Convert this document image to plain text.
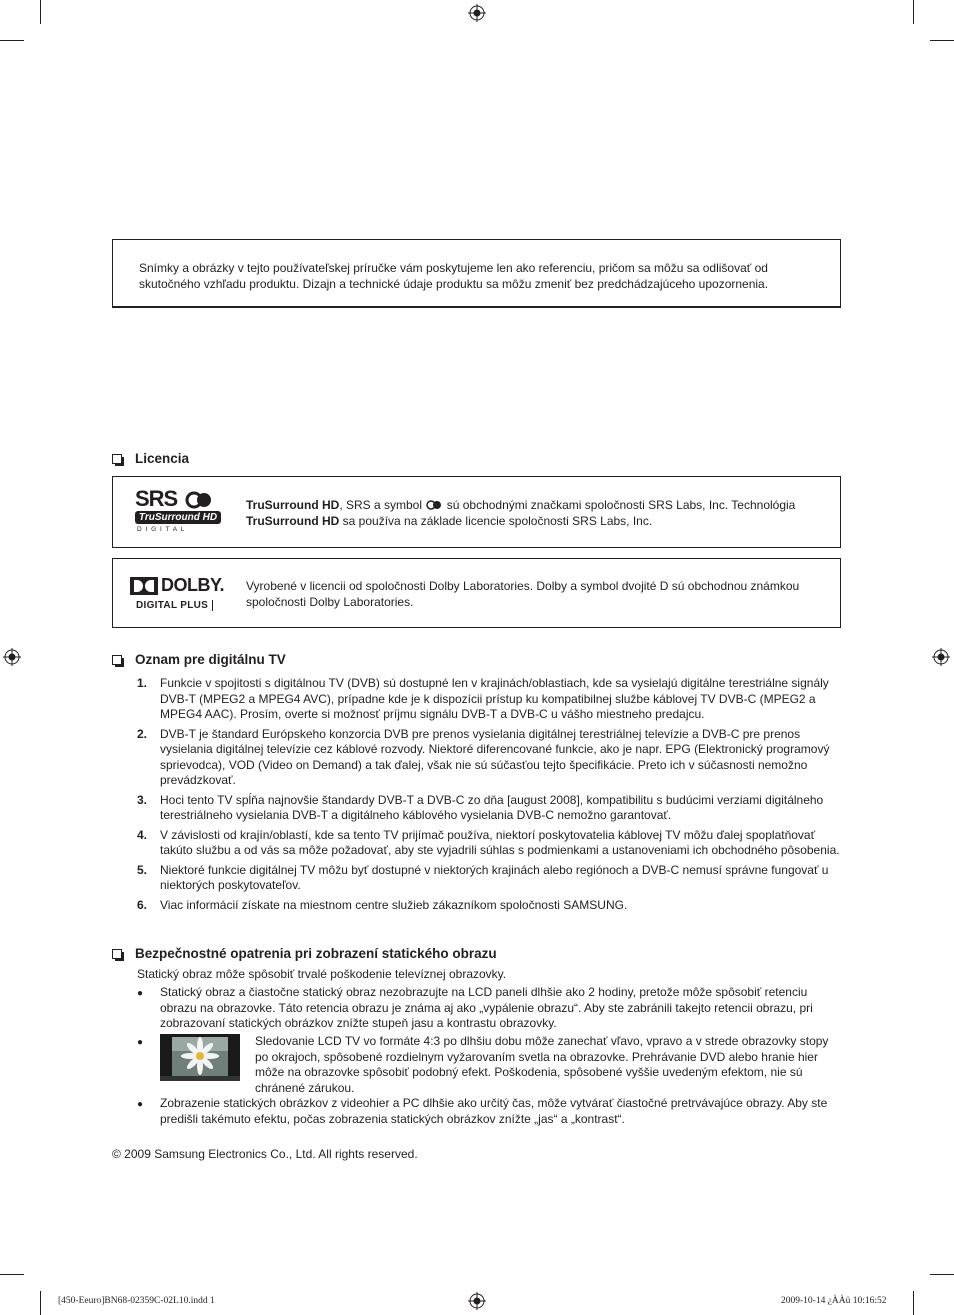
Snímky a obrázky v tejto používateľskej príručke vám poskytujeme len ako referenciu, pričom sa môžu sa odlišovať od
skutočného vzhľadu produktu. Dizajn a technické údaje produktu sa môžu zmeniť bez predchádzajúceho upozornenia.
Licencia
SRS
TruSurround HD
D I G I T A L
TruSurround HD, SRS a symbol sú obchodnými značkami spoločnosti SRS Labs, Inc. Technológia
TruSurround HD sa používa na základe licencie spoločnosti SRS Labs, Inc.
DOLBY.
DIGITAL PLUS
Vyrobené v licencii od spoločnosti Dolby Laboratories. Dolby a symbol dvojité D sú obchodnou známkou
spoločnosti Dolby Laboratories.
Oznam pre digitálnu TV
1.	Funkcie v spojitosti s digitálnou TV (DVB) sú dostupné len v krajinách/oblastiach, kde sa vysielajú digitálne terestriálne signály DVB-T (MPEG2 a MPEG4 AVC), prípadne kde je k dispozícii prístup ku kompatibilnej službe káblovej TV DVB-C (MPEG2 a MPEG4 AAC). Prosím, overte si možnosť príjmu signálu DVB-T a DVB-C u vášho miestneho predajcu.
2.	DVB-T je štandard Európskeho konzorcia DVB pre prenos vysielania digitálnej terestriálnej televízie a DVB-C pre prenos vysielania digitálnej televízie cez káblové rozvody. Niektoré diferencované funkcie, ako je napr. EPG (Elektronický programový sprievodca), VOD (Video on Demand) a tak ďalej, však nie sú súčasťou tejto špecifikácie. Preto ich v súčasnosti nemožno prevádzkovať.
3.	Hoci tento TV spĺňa najnovšie štandardy DVB-T a DVB-C zo dňa [august 2008], kompatibilitu s budúcimi verziami digitálneho terestriálneho vysielania DVB-T a digitálneho káblového vysielania DVB-C nemožno garantovať.
4.	V závislosti od krajín/oblastí, kde sa tento TV prijímač používa, niektorí poskytovatelia káblovej TV môžu ďalej spoplatňovať takúto službu a od vás sa môže požadovať, aby ste vyjadrili súhlas s podmienkami a ustanoveniami ich obchodného pôsobenia.
5.	Niektoré funkcie digitálnej TV môžu byť dostupné v niektorých krajinách alebo regiónoch a DVB-C nemusí správne fungovať u niektorých poskytovateľov.
6.	Viac informácií získate na miestnom centre služieb zákazníkom spoločnosti SAMSUNG.
Bezpečnostné opatrenia pri zobrazení statického obrazu
Statický obraz môže spôsobiť trvalé poškodenie televíznej obrazovky.
●	Statický obraz a čiastočne statický obraz nezobrazujte na LCD paneli dlhšie ako 2 hodiny, pretože môže spôsobiť retenciu obrazu na obrazovke. Táto retencia obrazu je známa aj ako „vypálenie obrazu“. Aby ste zabránili takejto retencii obrazu, pri zobrazovaní statických obrázkov znížte stupeň jasu a kontrastu obrazovky.
●	Sledovanie LCD TV vo formáte 4:3 po dlhšiu dobu môže zanechať vľavo, vpravo a v strede obrazovky stopy po okrajoch, spôsobené rozdielnym vyžarovaním svetla na obrazovke. Prehrávanie DVD alebo hranie hier môže na obrazovke spôsobiť podobný efekt. Poškodenia, spôsobené vyššie uvedeným efektom, nie sú chránené zárukou.
●	Zobrazenie statických obrázkov z videohier a PC dlhšie ako určitý čas, môže vytvárať čiastočné pretrvávajúce obrazy. Aby ste predišli takémuto efektu, počas zobrazenia statických obrázkov znížte „jas“ a „kontrast“.
© 2009 Samsung Electronics Co., Ltd. All rights reserved.
[450-Eeuro]BN68-02359C-02L10.indd 1	2009-10-14 ¿ÀÀü 10:16:52
